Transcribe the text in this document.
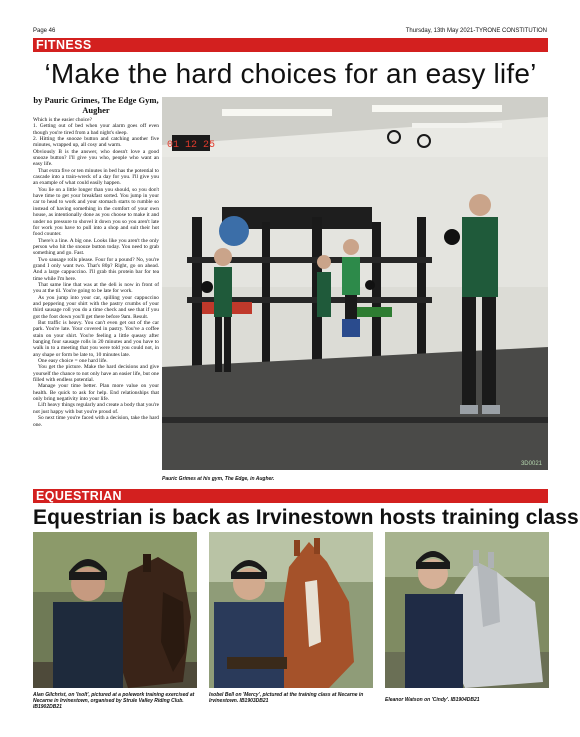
Page 46	Thursday, 13th May 2021-TYRONE CONSTITUTION
FITNESS
‘Make the hard choices for an easy life’
by Pauric Grimes, The Edge Gym, Augher

Which is the easier choice?

1. Getting out of bed when your alarm goes off even though you're tired from a bad night's sleep.

2. Hitting the snooze button and catching another five minutes, wrapped up, all cosy and warm.

Obviously B is the answer, who doesn't love a good snooze button? I'll give you who, people who want an easy life.

That extra five or ten minutes in bed has the potential to cascade into a train-wreck of a day for you. I'll give you an example of what could easily happen.

You lie on a little longer than you should, so you don't have time to get your breakfast sorted. You jump in your car to head to work and your stomach starts to rumble so instead of having something in the comfort of your own house, as intentionally done as you choose to make it and under no pressure to shovel it down you so you aren't late for work you have to pull into a shop and suit their hot food counter.

There's a line. A big one. Looks like you aren't the only person who hit the snooze button today. You need to grab something and go. Fast.

Two sausage rolls please. Four for a pound? No, you're grand I only want two. That's 80p? Right, go on ahead. And a large cappuccino. I'll grab this protein bar for tea time while I'm here.

That same line that was at the deli is now in front of you at the til. You're going to be late for work.

As you jump into your car, spilling your cappuccino and peppering your shirt with the pastry crumbs of your third sausage roll you do a time check and see that if you got the foot down you'll get there before 9am. Result.

But traffic is heavy. You can't even get out of the car park. You're late. Your covered in pastry. You've a coffee stain on your shirt. You're feeling a little queasy after banging four sausage rolls in 20 minutes and you have to walk in to a meeting that you were told you could not, in any shape or form be late to, 10 minutes late.

One easy choice = one hard life.

You get the picture. Make the hard decisions and give yourself the chance to not only have an easier life, but one filled with endless potential.

Manage your time better. Plan more value on your health. Be quick to ask for help. End relationships that only bring negativity into your life.

Lift heavy things regularly and create a body that you're not just happy with but you're proud of.

So next time you're faced with a decision, take the hard one.

01 12 25
3D0021
Pauric Grimes at his gym, The Edge, in Augher.
EQUESTRIAN
Equestrian is back as Irvinestown hosts training class
Alan Gilchrist, on 'Isolt', pictured at a polework training exercised at Necarne in Irvinestown, organised by Strule Valley Riding Club. IB1902DB21
Isobel Bell on 'Mercy', pictured at the training class at Necarne in Irvinestown. IB1903DB21	Eleanor Watson on 'Cindy'. IB1904DB21
